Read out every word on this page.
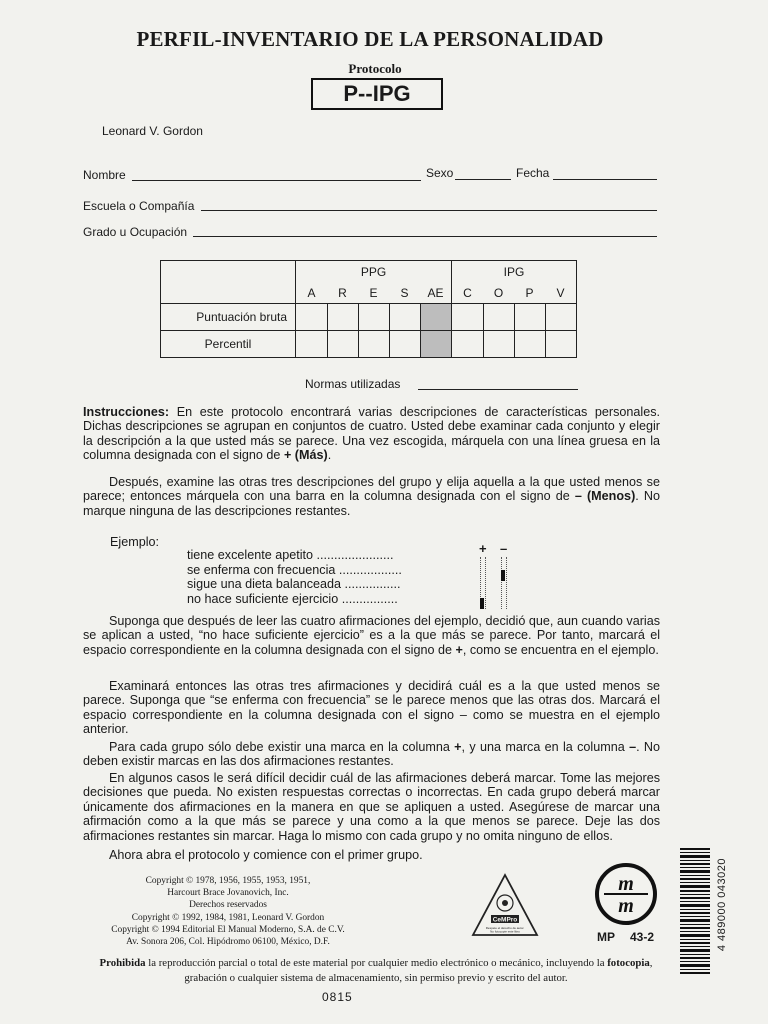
PERFIL-INVENTARIO DE LA PERSONALIDAD
Protocolo
P--IPG
Leonard V. Gordon
Nombre	Sexo	Fecha
Escuela o Compañía
Grado u Ocupación
	PPG					IPG			
	A	R	E	S	AE	C	O	P	V
Puntuación bruta									
Percentil									
Normas utilizadas
Instrucciones: En este protocolo encontrará varias descripciones de características personales. Dichas descripciones se agrupan en conjuntos de cuatro. Usted debe examinar cada conjunto y elegir la descripción a la que usted más se parece. Una vez escogida, márquela con una línea gruesa en la columna designada con el signo de + (Más).
Después, examine las otras tres descripciones del grupo y elija aquella a la que usted menos se parece; entonces márquela con una barra en la columna designada con el signo de – (Menos). No marque ninguna de las descripciones restantes.
Ejemplo:	+ –
tiene excelente apetito ......................
se enferma con frecuencia ..................
sigue una dieta balanceada ................
no hace suficiente ejercicio ................
Suponga que después de leer las cuatro afirmaciones del ejemplo, decidió que, aun cuando varias se aplican a usted, “no hace suficiente ejercicio” es a la que más se parece. Por tanto, marcará el espacio correspondiente en la columna designada con el signo de +, como se encuentra en el ejemplo.
Examinará entonces las otras tres afirmaciones y decidirá cuál es a la que usted menos se parece. Suponga que “se enferma con frecuencia” se le parece menos que las otras dos. Marcará el espacio correspondiente en la columna designada con el signo – como se muestra en el ejemplo anterior.
Para cada grupo sólo debe existir una marca en la columna +, y una marca en la columna –. No deben existir marcas en las dos afirmaciones restantes.
En algunos casos le será difícil decidir cuál de las afirmaciones deberá marcar. Tome las mejores decisiones que pueda. No existen respuestas correctas o incorrectas. En cada grupo deberá marcar únicamente dos afirmaciones en la manera en que se apliquen a usted. Asegúrese de marcar una afirmación como a la que más se parece y una como a la que menos se parece. Deje las dos afirmaciones restantes sin marcar. Haga lo mismo con cada grupo y no omita ninguno de ellos.
Ahora abra el protocolo y comience con el primer grupo.
Copyright © 1978, 1956, 1955, 1953, 1951,
Harcourt Brace Jovanovich, Inc.
Derechos reservados
Copyright © 1992, 1984, 1981, Leonard V. Gordon
Copyright © 1994 Editorial El Manual Moderno, S.A. de C.V.
Av. Sonora 206, Col. Hipódromo 06100, México, D.F.
CeMPro
Respete el derecho de autor.
No fotocopie este libro
m
m
MP 43-2	4 489000 043020
Prohibida la reproducción parcial o total de este material por cualquier medio electrónico o mecánico, incluyendo la fotocopia, grabación o cualquier sistema de almacenamiento, sin permiso previo y escrito del autor.
0815
